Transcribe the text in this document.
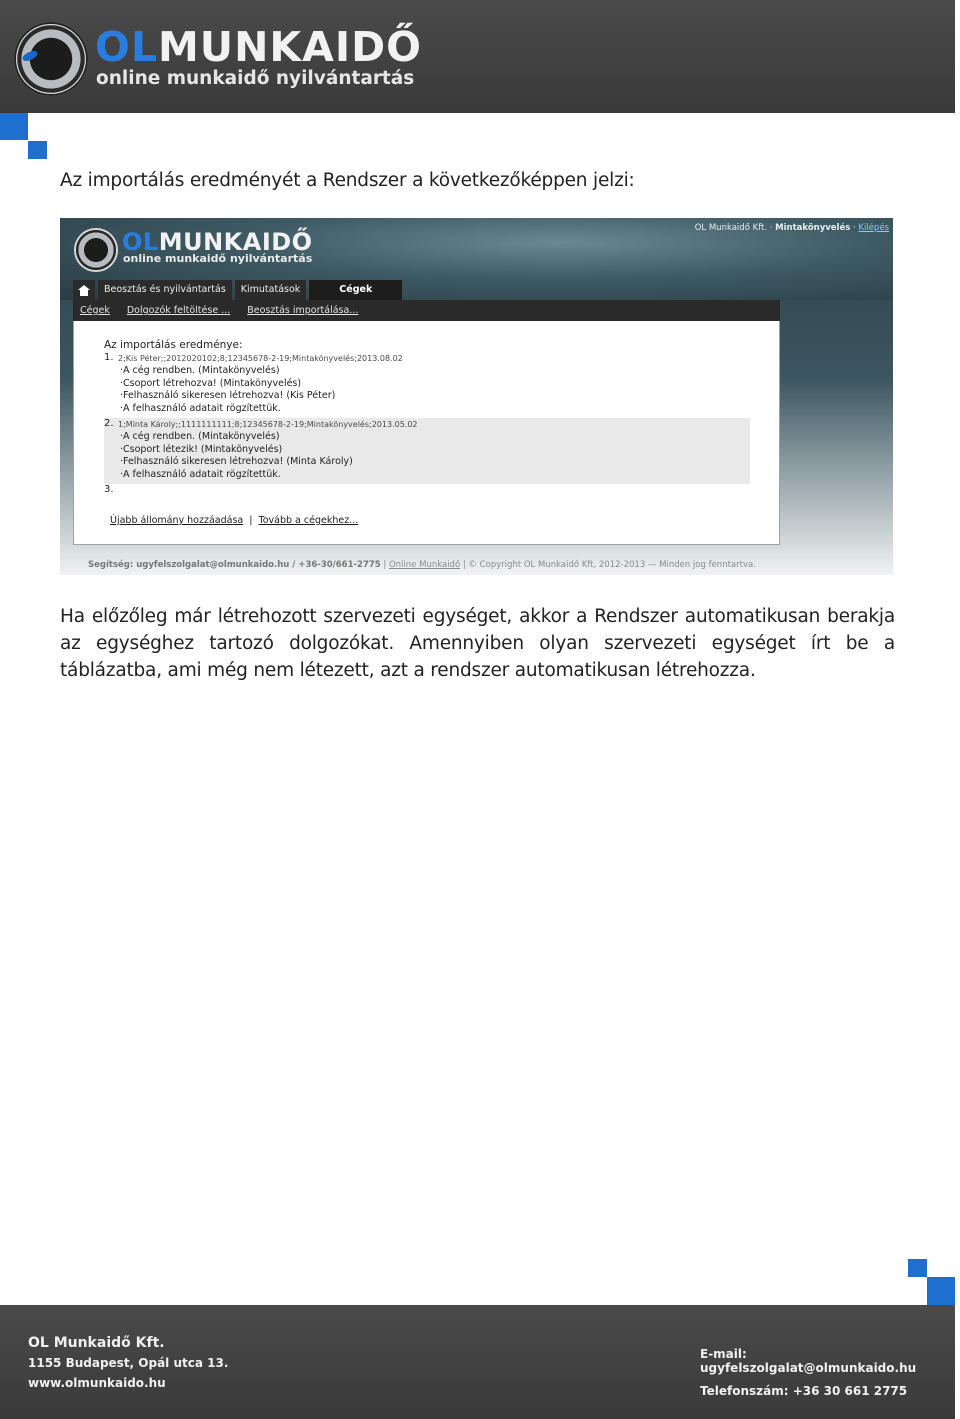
OLMUNKAIDŐ
online munkaidő nyilvántartás
Az importálás eredményét a Rendszer a következőképpen jelzi:
OLMUNKAIDŐ
online munkaidő nyilvántartás
OL Munkaidő Kft. · Mintakönyvelés · Kilépés
Beosztás és nyilvántartás	Kimutatások	Cégek
Cégek Dolgozók feltöltése ... Beosztás importálása...
Az importálás eredménye:
1. 2;Kis Péter;;2012020102;8;12345678-2-19;Mintakönyvelés;2013.08.02
·A cég rendben. (Mintakönyvelés)
·Csoport létrehozva! (Mintakönyvelés)
·Felhasználó sikeresen létrehozva! (Kis Péter)
·A felhasználó adatait rögzítettük.
2. 1;Minta Károly;;1111111111;8;12345678-2-19;Mintakönyvelés;2013.05.02
·A cég rendben. (Mintakönyvelés)
·Csoport létezik! (Mintakönyvelés)
·Felhasználó sikeresen létrehozva! (Minta Károly)
·A felhasználó adatait rögzítettük.
3.
Újabb állomány hozzáadása | Tovább a cégekhez...
Segítség: ugyfelszolgalat@olmunkaido.hu / +36-30/661-2775 | Online Munkaidő | © Copyright OL Munkaidő Kft, 2012-2013 — Minden jog fenntartva.
Ha előzőleg már létrehozott szervezeti egységet, akkor a Rendszer automatikusan berakja az egységhez tartozó dolgozókat. Amennyiben olyan szervezeti egységet írt be a táblázatba, ami még nem létezett, azt a rendszer automatikusan létrehozza.
OL Munkaidő Kft.
1155 Budapest, Opál utca 13.
www.olmunkaido.hu
E-mail: ugyfelszolgalat@olmunkaido.hu
Telefonszám: +36 30 661 2775
